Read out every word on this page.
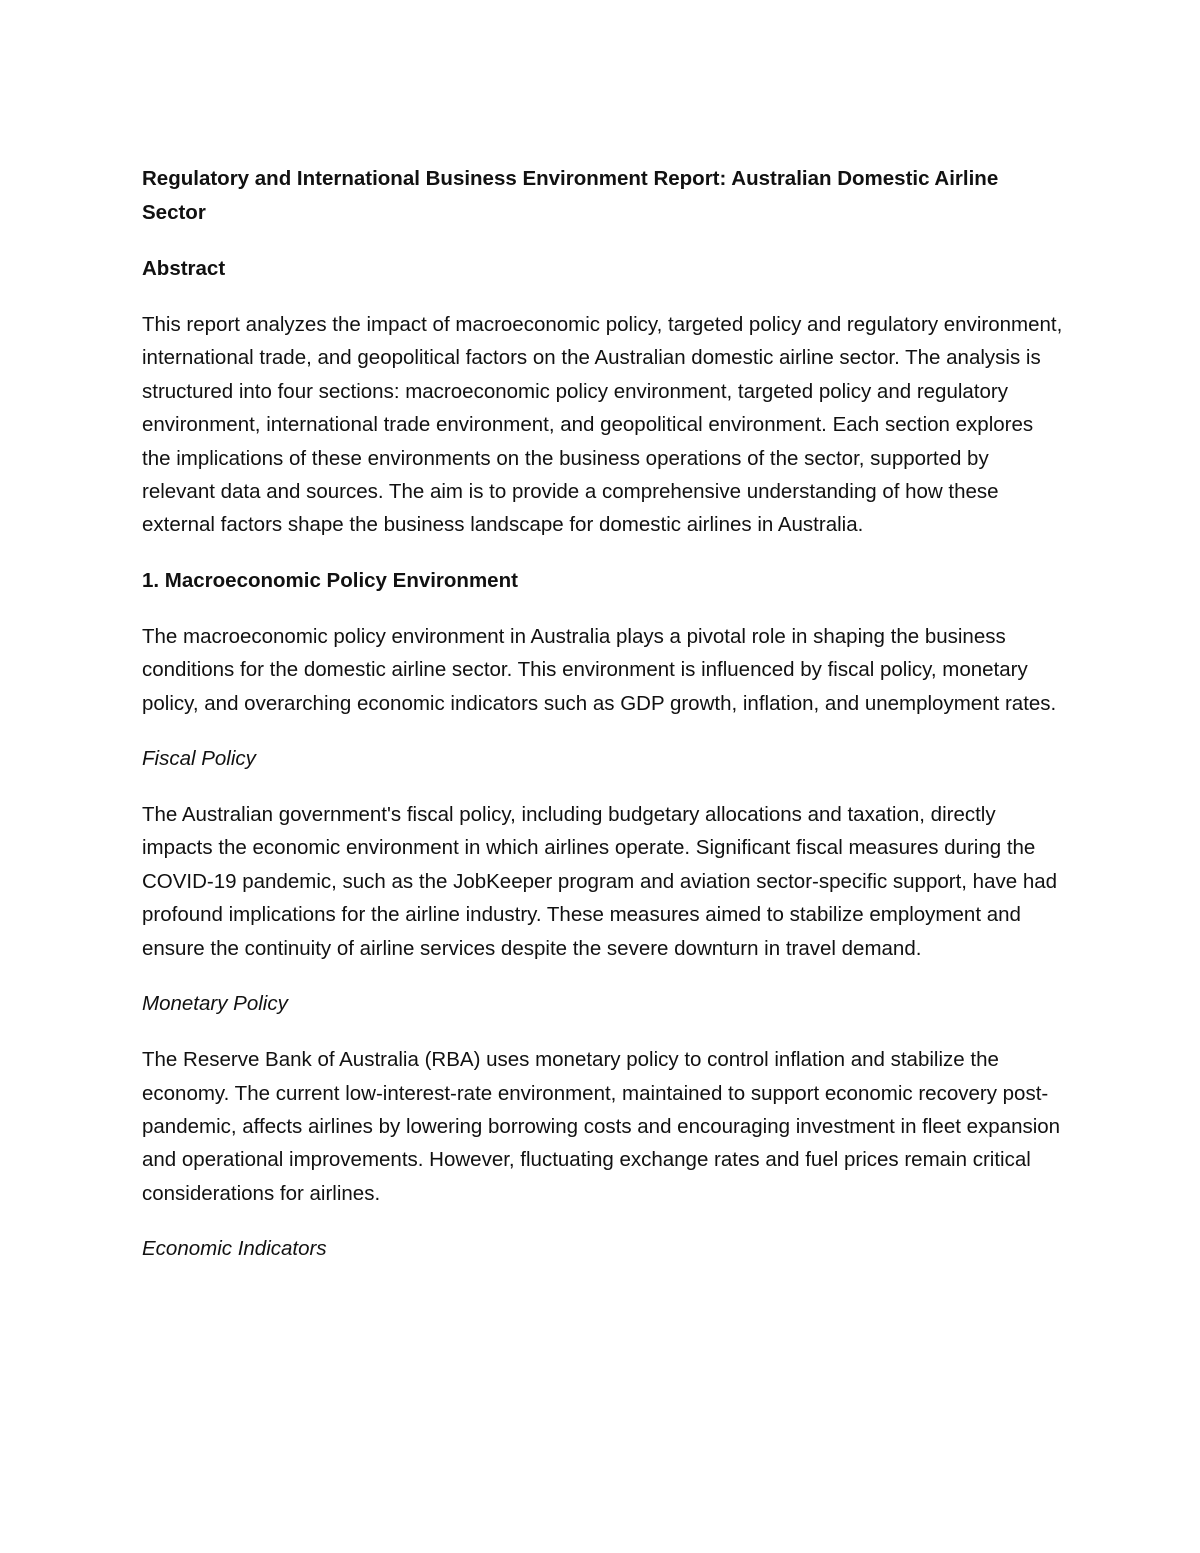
Regulatory and International Business Environment Report: Australian Domestic Airline Sector

Abstract

This report analyzes the impact of macroeconomic policy, targeted policy and regulatory environment, international trade, and geopolitical factors on the Australian domestic airline sector. The analysis is structured into four sections: macroeconomic policy environment, targeted policy and regulatory environment, international trade environment, and geopolitical environment. Each section explores the implications of these environments on the business operations of the sector, supported by relevant data and sources. The aim is to provide a comprehensive understanding of how these external factors shape the business landscape for domestic airlines in Australia.

1. Macroeconomic Policy Environment

The macroeconomic policy environment in Australia plays a pivotal role in shaping the business conditions for the domestic airline sector. This environment is influenced by fiscal policy, monetary policy, and overarching economic indicators such as GDP growth, inflation, and unemployment rates.

Fiscal Policy

The Australian government's fiscal policy, including budgetary allocations and taxation, directly impacts the economic environment in which airlines operate. Significant fiscal measures during the COVID-19 pandemic, such as the JobKeeper program and aviation sector-specific support, have had profound implications for the airline industry. These measures aimed to stabilize employment and ensure the continuity of airline services despite the severe downturn in travel demand.

Monetary Policy

The Reserve Bank of Australia (RBA) uses monetary policy to control inflation and stabilize the economy. The current low-interest-rate environment, maintained to support economic recovery post-pandemic, affects airlines by lowering borrowing costs and encouraging investment in fleet expansion and operational improvements. However, fluctuating exchange rates and fuel prices remain critical considerations for airlines.

Economic Indicators
